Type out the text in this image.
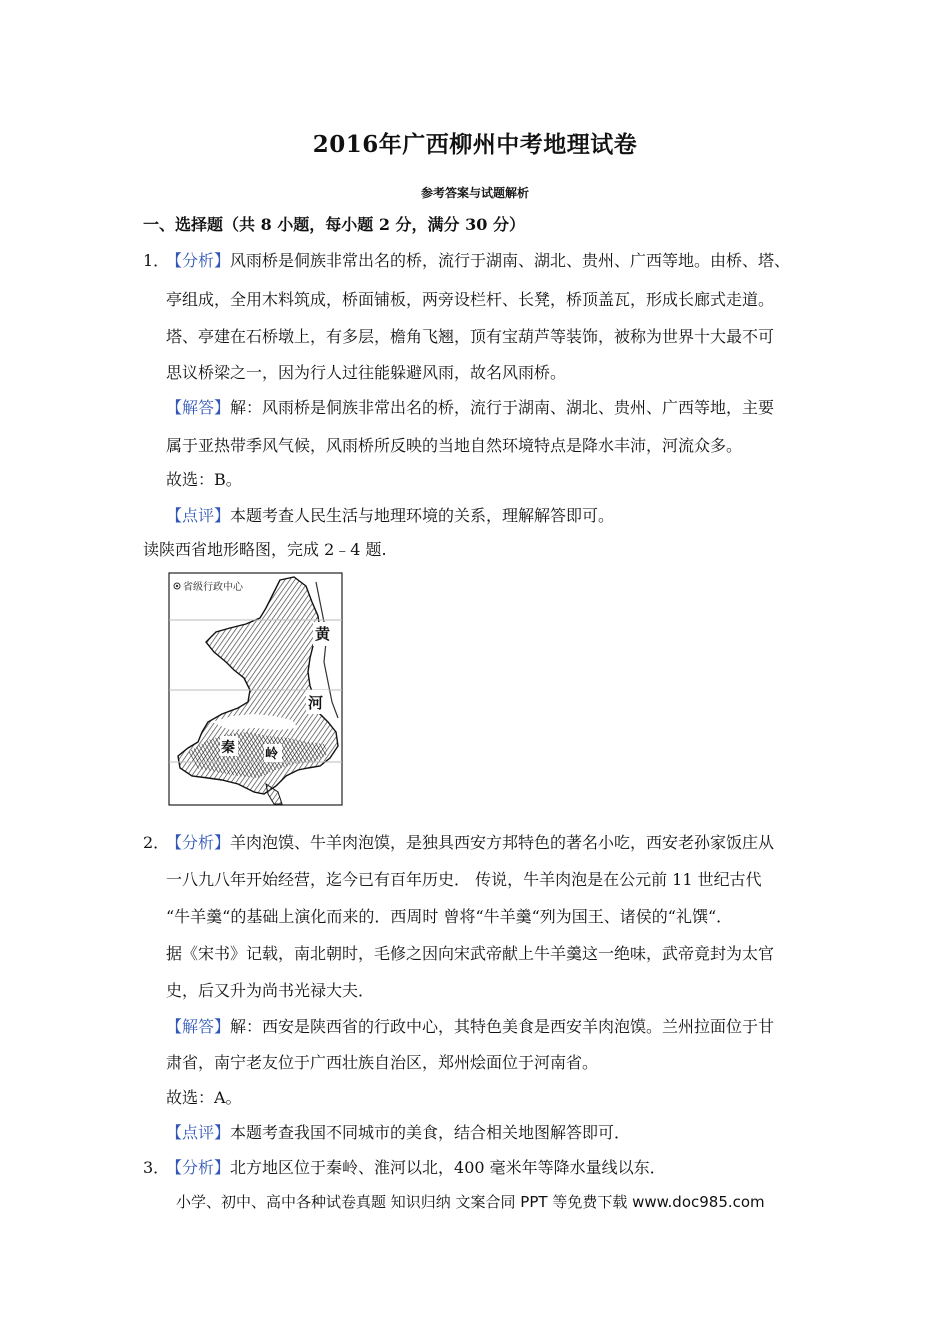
2016年广西柳州中考地理试卷
参考答案与试题解析
一、选择题（共 8 小题，每小题 2 分，满分 30 分）
1．
【分析】风雨桥是侗族非常出名的桥，流行于湖南、湖北、贵州、广西等地。由桥、塔、
亭组成，全用木料筑成，桥面铺板，两旁设栏杆、长凳，桥顶盖瓦，形成长廊式走道。
塔、亭建在石桥墩上，有多层，檐角飞翘，顶有宝葫芦等装饰，被称为世界十大最不可
思议桥梁之一，因为行人过往能躲避风雨，故名风雨桥。
【解答】解：风雨桥是侗族非常出名的桥，流行于湖南、湖北、贵州、广西等地，主要
属于亚热带季风气候，风雨桥所反映的当地自然环境特点是降水丰沛，河流众多。
故选：B。
【点评】本题考查人民生活与地理环境的关系，理解解答即可。
读陕西省地形略图，完成 2﹣4 题.
省级行政中心
黄
河
秦 岭
2．
【分析】羊肉泡馍、牛羊肉泡馍，是独具西安方邦特色的著名小吃，西安老孙家饭庄从
一八九八年开始经营，迄今已有百年历史． 传说，牛羊肉泡是在公元前 11 世纪古代
“牛羊羹“的基础上演化而来的．西周时 曾将“牛羊羹“列为国王、诸侯的“礼馔“．
据《宋书》记载，南北朝时，毛修之因向宋武帝献上牛羊羹这一绝味，武帝竟封为太官
史，后又升为尚书光禄大夫．
【解答】解：西安是陕西省的行政中心，其特色美食是西安羊肉泡馍。兰州拉面位于甘
肃省，南宁老友位于广西壮族自治区，郑州烩面位于河南省。
故选：A。
【点评】本题考查我国不同城市的美食，结合相关地图解答即可．
3．
【分析】北方地区位于秦岭、淮河以北，400 毫米年等降水量线以东．
小学、初中、高中各种试卷真题 知识归纳 文案合同 PPT 等免费下载 www.doc985.com
